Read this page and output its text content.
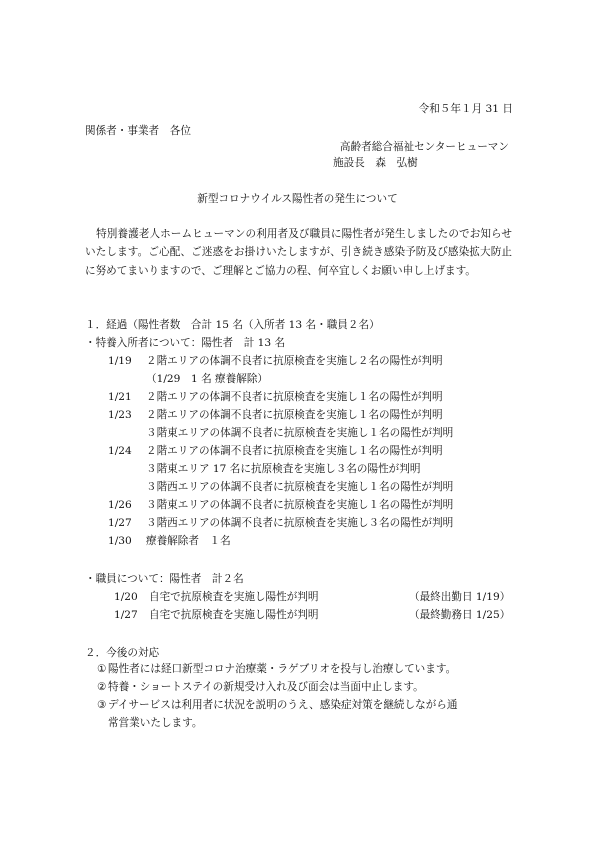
令和５年１月 31 日
関係者・事業者　各位
高齢者総合福祉センターヒューマン
施設長　森　弘樹
新型コロナウイルス陽性者の発生について
特別養護老人ホームヒューマンの利用者及び職員に陽性者が発生しましたのでお知らせいたします。ご心配、ご迷惑をお掛けいたしますが、引き続き感染予防及び感染拡大防止に努めてまいりますので、ご理解とご協力の程、何卒宜しくお願い申し上げます。
１．経過（陽性者数　合計 15 名（入所者 13 名・職員２名）
・特養入所者について：陽性者　計 13 名
1/19 ２階エリアの体調不良者に抗原検査を実施し２名の陽性が判明
（1/29　1 名 療養解除）
1/21 ２階エリアの体調不良者に抗原検査を実施し１名の陽性が判明
1/23 ２階エリアの体調不良者に抗原検査を実施し１名の陽性が判明
３階東エリアの体調不良者に抗原検査を実施し１名の陽性が判明
1/24 ２階エリアの体調不良者に抗原検査を実施し１名の陽性が判明
３階東エリア 17 名に抗原検査を実施し３名の陽性が判明
３階西エリアの体調不良者に抗原検査を実施し１名の陽性が判明
1/26 ３階東エリアの体調不良者に抗原検査を実施し１名の陽性が判明
1/27 ３階西エリアの体調不良者に抗原検査を実施し３名の陽性が判明
1/30 療養解除者　１名
・職員について：陽性者　計２名
1/20 自宅で抗原検査を実施し陽性が判明	（最終出勤日 1/19）
1/27 自宅で抗原検査を実施し陽性が判明	（最終勤務日 1/25）
２．今後の対応
① 陽性者には経口新型コロナ治療薬・ラゲブリオを投与し治療しています。
② 特養・ショートステイの新規受け入れ及び面会は当面中止します。
③ デイサービスは利用者に状況を説明のうえ、感染症対策を継続しながら通
常営業いたします。
